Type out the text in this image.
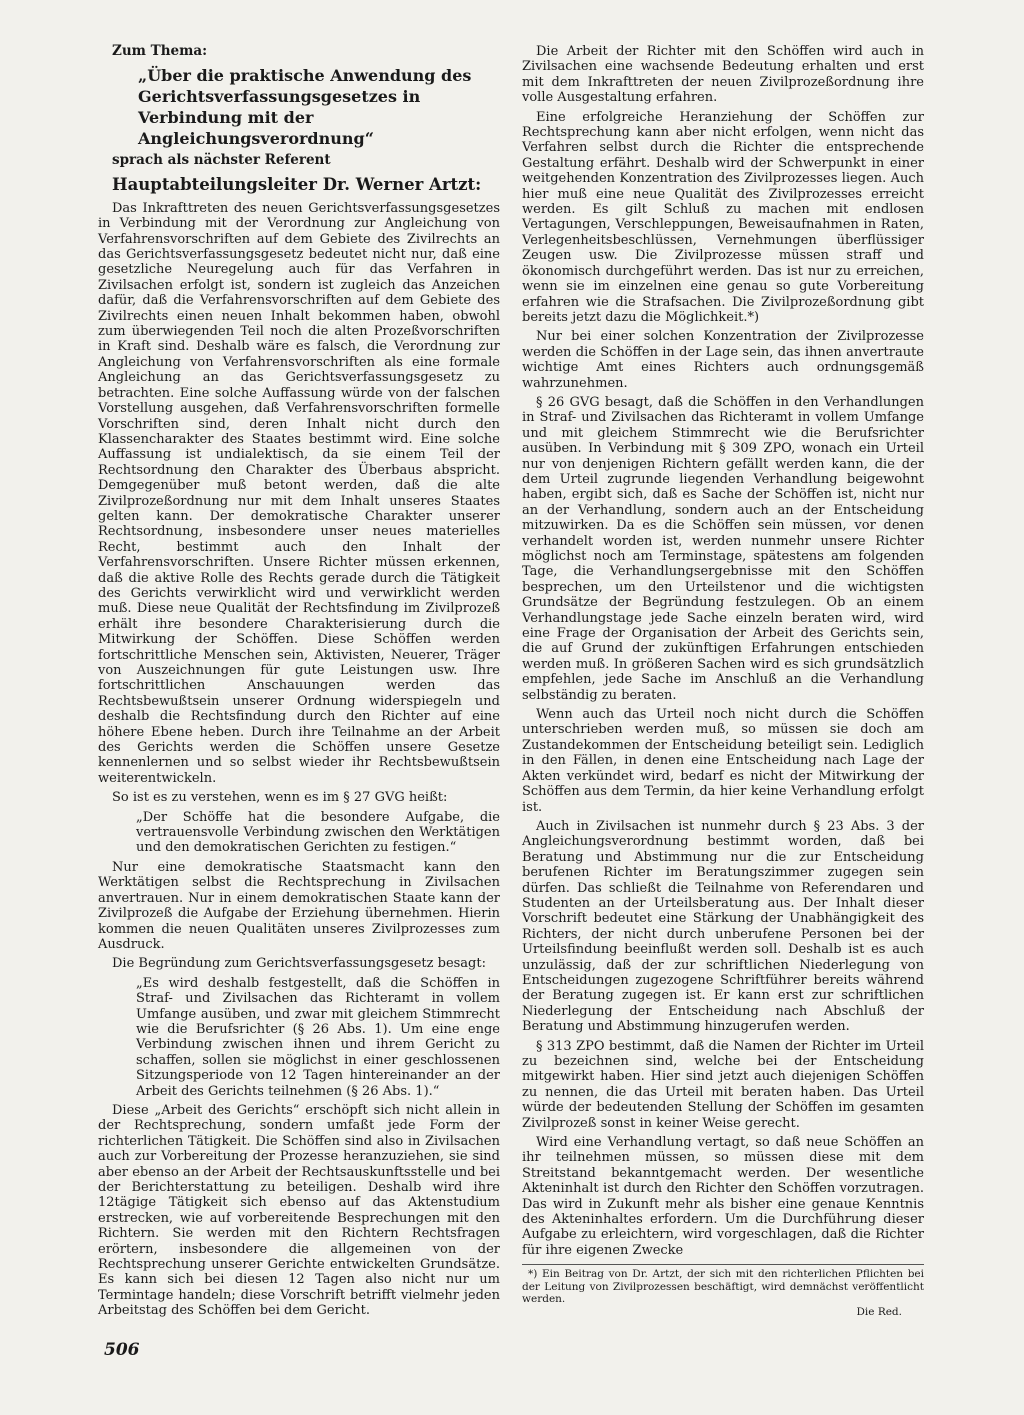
Zum Thema:
„Über die praktische Anwendung des Gerichtsverfassungsgesetzes in Verbindung mit der Angleichungsverordnung“
sprach als nächster Referent
Hauptabteilungsleiter Dr. Werner Artzt:

Das Inkrafttreten des neuen Gerichtsverfassungsgesetzes in Verbindung mit der Verordnung zur Angleichung von Verfahrensvorschriften auf dem Gebiete des Zivilrechts an das Gerichtsverfassungsgesetz bedeutet nicht nur, daß eine gesetzliche Neuregelung auch für das Verfahren in Zivilsachen erfolgt ist, sondern ist zugleich das Anzeichen dafür, daß die Verfahrensvorschriften auf dem Gebiete des Zivilrechts einen neuen Inhalt bekommen haben, obwohl zum überwiegenden Teil noch die alten Prozeßvorschriften in Kraft sind. Deshalb wäre es falsch, die Verordnung zur Angleichung von Verfahrensvorschriften als eine formale Angleichung an das Gerichtsverfassungsgesetz zu betrachten. Eine solche Auffassung würde von der falschen Vorstellung ausgehen, daß Verfahrensvorschriften formelle Vorschriften sind, deren Inhalt nicht durch den Klassencharakter des Staates bestimmt wird. Eine solche Auffassung ist undialektisch, da sie einem Teil der Rechtsordnung den Charakter des Überbaus abspricht. Demgegenüber muß betont werden, daß die alte Zivilprozeßordnung nur mit dem Inhalt unseres Staates gelten kann. Der demokratische Charakter unserer Rechtsordnung, insbesondere unser neues materielles Recht, bestimmt auch den Inhalt der Verfahrensvorschriften. Unsere Richter müssen erkennen, daß die aktive Rolle des Rechts gerade durch die Tätigkeit des Gerichts verwirklicht wird und verwirklicht werden muß. Diese neue Qualität der Rechtsfindung im Zivilprozeß erhält ihre besondere Charakterisierung durch die Mitwirkung der Schöffen. Diese Schöffen werden fortschrittliche Menschen sein, Aktivisten, Neuerer, Träger von Auszeichnungen für gute Leistungen usw. Ihre fortschrittlichen Anschauungen werden das Rechtsbewußtsein unserer Ordnung widerspiegeln und deshalb die Rechtsfindung durch den Richter auf eine höhere Ebene heben. Durch ihre Teilnahme an der Arbeit des Gerichts werden die Schöffen unsere Gesetze kennenlernen und so selbst wieder ihr Rechtsbewußtsein weiterentwickeln.

So ist es zu verstehen, wenn es im § 27 GVG heißt:

„Der Schöffe hat die besondere Aufgabe, die vertrauensvolle Verbindung zwischen den Werktätigen und den demokratischen Gerichten zu festigen.“

Nur eine demokratische Staatsmacht kann den Werktätigen selbst die Rechtsprechung in Zivilsachen anvertrauen. Nur in einem demokratischen Staate kann der Zivilprozeß die Aufgabe der Erziehung übernehmen. Hierin kommen die neuen Qualitäten unseres Zivilprozesses zum Ausdruck.

Die Begründung zum Gerichtsverfassungsgesetz besagt:

„Es wird deshalb festgestellt, daß die Schöffen in Straf- und Zivilsachen das Richteramt in vollem Umfange ausüben, und zwar mit gleichem Stimmrecht wie die Berufsrichter (§ 26 Abs. 1). Um eine enge Verbindung zwischen ihnen und ihrem Gericht zu schaffen, sollen sie möglichst in einer geschlossenen Sitzungsperiode von 12 Tagen hintereinander an der Arbeit des Gerichts teilnehmen (§ 26 Abs. 1).“

Diese „Arbeit des Gerichts“ erschöpft sich nicht allein in der Rechtsprechung, sondern umfaßt jede Form der richterlichen Tätigkeit. Die Schöffen sind also in Zivilsachen auch zur Vorbereitung der Prozesse heranzuziehen, sie sind aber ebenso an der Arbeit der Rechtsauskunftsstelle und bei der Berichterstattung zu beteiligen. Deshalb wird ihre 12tägige Tätigkeit sich ebenso auf das Aktenstudium erstrecken, wie auf vorbereitende Besprechungen mit den Richtern. Sie werden mit den Richtern Rechtsfragen erörtern, insbesondere die allgemeinen von der Rechtsprechung unserer Gerichte entwickelten Grundsätze. Es kann sich bei diesen 12 Tagen also nicht nur um Termintage handeln; diese Vorschrift betrifft vielmehr jeden Arbeitstag des Schöffen bei dem Gericht.

Die Arbeit der Richter mit den Schöffen wird auch in Zivilsachen eine wachsende Bedeutung erhalten und erst mit dem Inkrafttreten der neuen Zivilprozeßordnung ihre volle Ausgestaltung erfahren.

Eine erfolgreiche Heranziehung der Schöffen zur Rechtsprechung kann aber nicht erfolgen, wenn nicht das Verfahren selbst durch die Richter die entsprechende Gestaltung erfährt. Deshalb wird der Schwerpunkt in einer weitgehenden Konzentration des Zivilprozesses liegen. Auch hier muß eine neue Qualität des Zivilprozesses erreicht werden. Es gilt Schluß zu machen mit endlosen Vertagungen, Verschleppungen, Beweisaufnahmen in Raten, Verlegenheitsbeschlüssen, Vernehmungen überflüssiger Zeugen usw. Die Zivilprozesse müssen straff und ökonomisch durchgeführt werden. Das ist nur zu erreichen, wenn sie im einzelnen eine genau so gute Vorbereitung erfahren wie die Strafsachen. Die Zivilprozeßordnung gibt bereits jetzt dazu die Möglichkeit.*)

Nur bei einer solchen Konzentration der Zivilprozesse werden die Schöffen in der Lage sein, das ihnen anvertraute wichtige Amt eines Richters auch ordnungsgemäß wahrzunehmen.

§ 26 GVG besagt, daß die Schöffen in den Verhandlungen in Straf- und Zivilsachen das Richteramt in vollem Umfange und mit gleichem Stimmrecht wie die Berufsrichter ausüben. In Verbindung mit § 309 ZPO, wonach ein Urteil nur von denjenigen Richtern gefällt werden kann, die der dem Urteil zugrunde liegenden Verhandlung beigewohnt haben, ergibt sich, daß es Sache der Schöffen ist, nicht nur an der Verhandlung, sondern auch an der Entscheidung mitzuwirken. Da es die Schöffen sein müssen, vor denen verhandelt worden ist, werden nunmehr unsere Richter möglichst noch am Terminstage, spätestens am folgenden Tage, die Verhandlungsergebnisse mit den Schöffen besprechen, um den Urteilstenor und die wichtigsten Grundsätze der Begründung festzulegen. Ob an einem Verhandlungstage jede Sache einzeln beraten wird, wird eine Frage der Organisation der Arbeit des Gerichts sein, die auf Grund der zukünftigen Erfahrungen entschieden werden muß. In größeren Sachen wird es sich grundsätzlich empfehlen, jede Sache im Anschluß an die Verhandlung selbständig zu beraten.

Wenn auch das Urteil noch nicht durch die Schöffen unterschrieben werden muß, so müssen sie doch am Zustandekommen der Entscheidung beteiligt sein. Lediglich in den Fällen, in denen eine Entscheidung nach Lage der Akten verkündet wird, bedarf es nicht der Mitwirkung der Schöffen aus dem Termin, da hier keine Verhandlung erfolgt ist.

Auch in Zivilsachen ist nunmehr durch § 23 Abs. 3 der Angleichungsverordnung bestimmt worden, daß bei Beratung und Abstimmung nur die zur Entscheidung berufenen Richter im Beratungszimmer zugegen sein dürfen. Das schließt die Teilnahme von Referendaren und Studenten an der Urteilsberatung aus. Der Inhalt dieser Vorschrift bedeutet eine Stärkung der Unabhängigkeit des Richters, der nicht durch unberufene Personen bei der Urteilsfindung beeinflußt werden soll. Deshalb ist es auch unzulässig, daß der zur schriftlichen Niederlegung von Entscheidungen zugezogene Schriftführer bereits während der Beratung zugegen ist. Er kann erst zur schriftlichen Niederlegung der Entscheidung nach Abschluß der Beratung und Abstimmung hinzugerufen werden.

§ 313 ZPO bestimmt, daß die Namen der Richter im Urteil zu bezeichnen sind, welche bei der Entscheidung mitgewirkt haben. Hier sind jetzt auch diejenigen Schöffen zu nennen, die das Urteil mit beraten haben. Das Urteil würde der bedeutenden Stellung der Schöffen im gesamten Zivilprozeß sonst in keiner Weise gerecht.

Wird eine Verhandlung vertagt, so daß neue Schöffen an ihr teilnehmen müssen, so müssen diese mit dem Streitstand bekanntgemacht werden. Der wesentliche Akteninhalt ist durch den Richter den Schöffen vorzutragen. Das wird in Zukunft mehr als bisher eine genaue Kenntnis des Akteninhaltes erfordern. Um die Durchführung dieser Aufgabe zu erleichtern, wird vorgeschlagen, daß die Richter für ihre eigenen Zwecke

*) Ein Beitrag von Dr. Artzt, der sich mit den richterlichen Pflichten bei der Leitung von Zivilprozessen beschäftigt, wird demnächst veröffentlicht werden.
Die Red.
506
